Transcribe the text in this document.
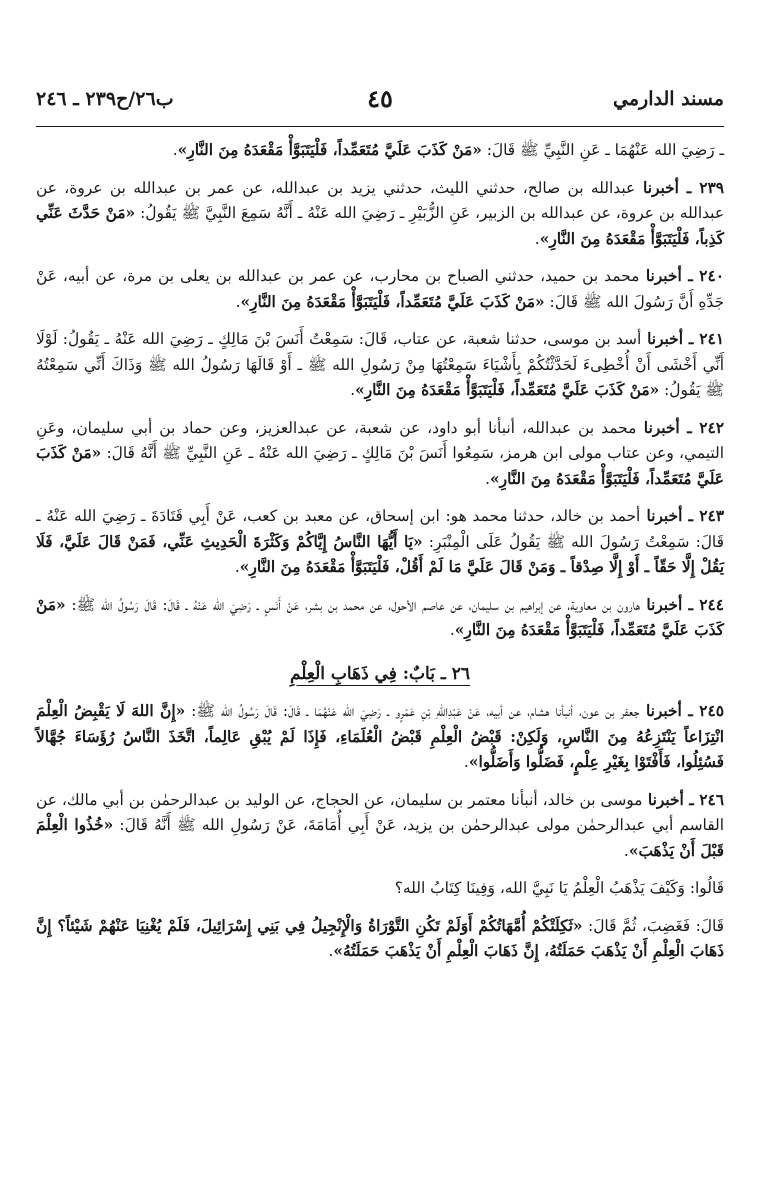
مسند الدارمي
٤٥
ب٢٦/ح٢٣٩ ـ ٢٤٦

ـ رَضِيَ الله عَنْهُمَا ـ عَنِ النَّبِيِّ ﷺ قَالَ: «مَنْ كَذَبَ عَلَيَّ مُتَعَمِّداً، فَلْيَتَبَوَّأْ مَقْعَدَهُ مِنَ النَّارِ».

٢٣٩ ـ أخبرنا عبدالله بن صالح، حدثني الليث، حدثني يزيد بن عبدالله، عن عمر بن عبدالله بن عروة، عن عبدالله بن عروة، عن عبدالله بن الزبير، عَنِ الزُّبَيْرِ ـ رَضِيَ الله عَنْهُ ـ أَنَّهُ سَمِعَ النَّبِيَّ ﷺ يَقُولُ: «مَنْ حَدَّثَ عَنِّي كَذِباً، فَلْيَتَبَوَّأْ مَقْعَدَهُ مِنَ النَّارِ».

٢٤٠ ـ أخبرنا محمد بن حميد، حدثني الصباح بن محارب، عن عمر بن عبدالله بن يعلى بن مرة، عن أبيه، عَنْ جَدِّهِ أَنَّ رَسُولَ الله ﷺ قَالَ: «مَنْ كَذَبَ عَلَيَّ مُتَعَمِّداً، فَلْيَتَبَوَّأْ مَقْعَدَهُ مِنَ النَّارِ».

٢٤١ ـ أخبرنا أسد بن موسى، حدثنا شعبة، عن عتاب، قَالَ: سَمِعْتُ أَنَسَ بْنَ مَالِكٍ ـ رَضِيَ الله عَنْهُ ـ يَقُولُ: لَوْلَا أَنِّي أَخْشَى أَنْ أُخْطِىءَ لَحَدَّثْتُكُمْ بِأَشْيَاءَ سَمِعْتُهَا مِنْ رَسُولِ الله ﷺ ـ أَوْ قَالَهَا رَسُولُ الله ﷺ وَذَاكَ أَنِّي سَمِعْتُهُ ﷺ يَقُولُ: «مَنْ كَذَبَ عَلَيَّ مُتَعَمِّداً، فَلْيَتَبَوَّأْ مَقْعَدَهُ مِنَ النَّارِ».

٢٤٢ ـ أخبرنا محمد بن عبدالله، أنبأنا أبو داود، عن شعبة، عن عبدالعزيز، وعن حماد بن أبي سليمان، وعَنِ التيمي، وعن عتاب مولى ابن هرمز، سَمِعُوا أَنَسَ بْنَ مَالِكٍ ـ رَضِيَ الله عَنْهُ ـ عَنِ النَّبِيِّ ﷺ أَنَّهُ قَالَ: «مَنْ كَذَبَ عَلَيَّ مُتَعَمِّداً، فَلْيَتَبَوَّأْ مَقْعَدَهُ مِنَ النَّارِ».

٢٤٣ ـ أخبرنا أحمد بن خالد، حدثنا محمد هو: ابن إسحاق، عن معبد بن كعب، عَنْ أَبِي قَتَادَةَ ـ رَضِيَ الله عَنْهُ ـ قَالَ: سَمِعْتُ رَسُولَ الله ﷺ يَقُولُ عَلَى الْمِنْبَرِ: «يَا أَيُّهَا النَّاسُ إِيَّاكُمْ وَكَثْرَةَ الْحَدِيثِ عَنِّي، فَمَنْ قَالَ عَلَيَّ، فَلَا يَقُلْ إِلَّا حَقّاً ـ أَوْ إِلَّا صِدْقاً ـ وَمَنْ قَالَ عَلَيَّ مَا لَمْ أَقُلْ، فَلْيَتَبَوَّأْ مَقْعَدَهُ مِنَ النَّارِ».

٢٤٤ ـ أخبرنا هارون بن معاوية، عن إبراهيم بن سليمان، عن عاصم الأحول، عن محمد بن بشر، عَنْ أَنَسٍ ـ رَضِيَ الله عَنْهُ ـ قَالَ: قَالَ رَسُولُ الله ﷺ: «مَنْ كَذَبَ عَلَيَّ مُتَعَمِّداً، فَلْيَتَبَوَّأْ مَقْعَدَهُ مِنَ النَّارِ».

٢٦ ـ بَابٌ: فِي ذَهَابِ الْعِلْمِ

٢٤٥ ـ أخبرنا جعفر بن عون، أنبأنا هشام، عن أبيه، عَنْ عَبْدِاللهِ بْنِ عَمْرٍو ـ رَضِيَ الله عَنْهُمَا ـ قَالَ: قَالَ رَسُولُ الله ﷺ: «إِنَّ اللهَ لَا يَقْبِضُ الْعِلْمَ انْتِزَاعاً يَنْتَزِعُهُ مِنَ النَّاسِ، وَلَكِنْ: قَبْضُ الْعِلْمِ قَبْضُ الْعُلَمَاءِ، فَإِذَا لَمْ يُبْقِ عَالِماً، اتَّخَذَ النَّاسُ رُؤَسَاءَ جُهَّالاً فَسُئِلُوا، فَأَفْتَوْا بِغَيْرِ عِلْمٍ، فَضَلُّوا وَأَضَلُّوا».

٢٤٦ ـ أخبرنا موسى بن خالد، أنبأنا معتمر بن سليمان، عن الحجاج، عن الوليد بن عبدالرحمٰن بن أبي مالك، عن القاسم أبي عبدالرحمٰن مولى عبدالرحمٰن بن يزيد، عَنْ أَبِي أُمَامَةَ، عَنْ رَسُولِ الله ﷺ أَنَّهُ قَالَ: «خُذُوا الْعِلْمَ قَبْلَ أَنْ يَذْهَبَ».

قَالُوا: وَكَيْفَ يَذْهَبُ الْعِلْمُ يَا نَبِيَّ الله، وَفِينَا كِتَابُ الله؟

قَالَ: فَغَضِبَ، ثُمَّ قَالَ: «ثَكِلَتْكُمْ أُمَّهَاتُكُمْ أَوَلَمْ تَكُنِ التَّوْرَاةُ وَالْإِنْجِيلُ فِي بَنِي إِسْرَائِيلَ، فَلَمْ يُغْنِيَا عَنْهُمْ شَيْئاً؟ إِنَّ ذَهَابَ الْعِلْمِ أَنْ يَذْهَبَ حَمَلَتُهُ، إِنَّ ذَهَابَ الْعِلْمِ أَنْ يَذْهَبَ حَمَلَتُهُ».
